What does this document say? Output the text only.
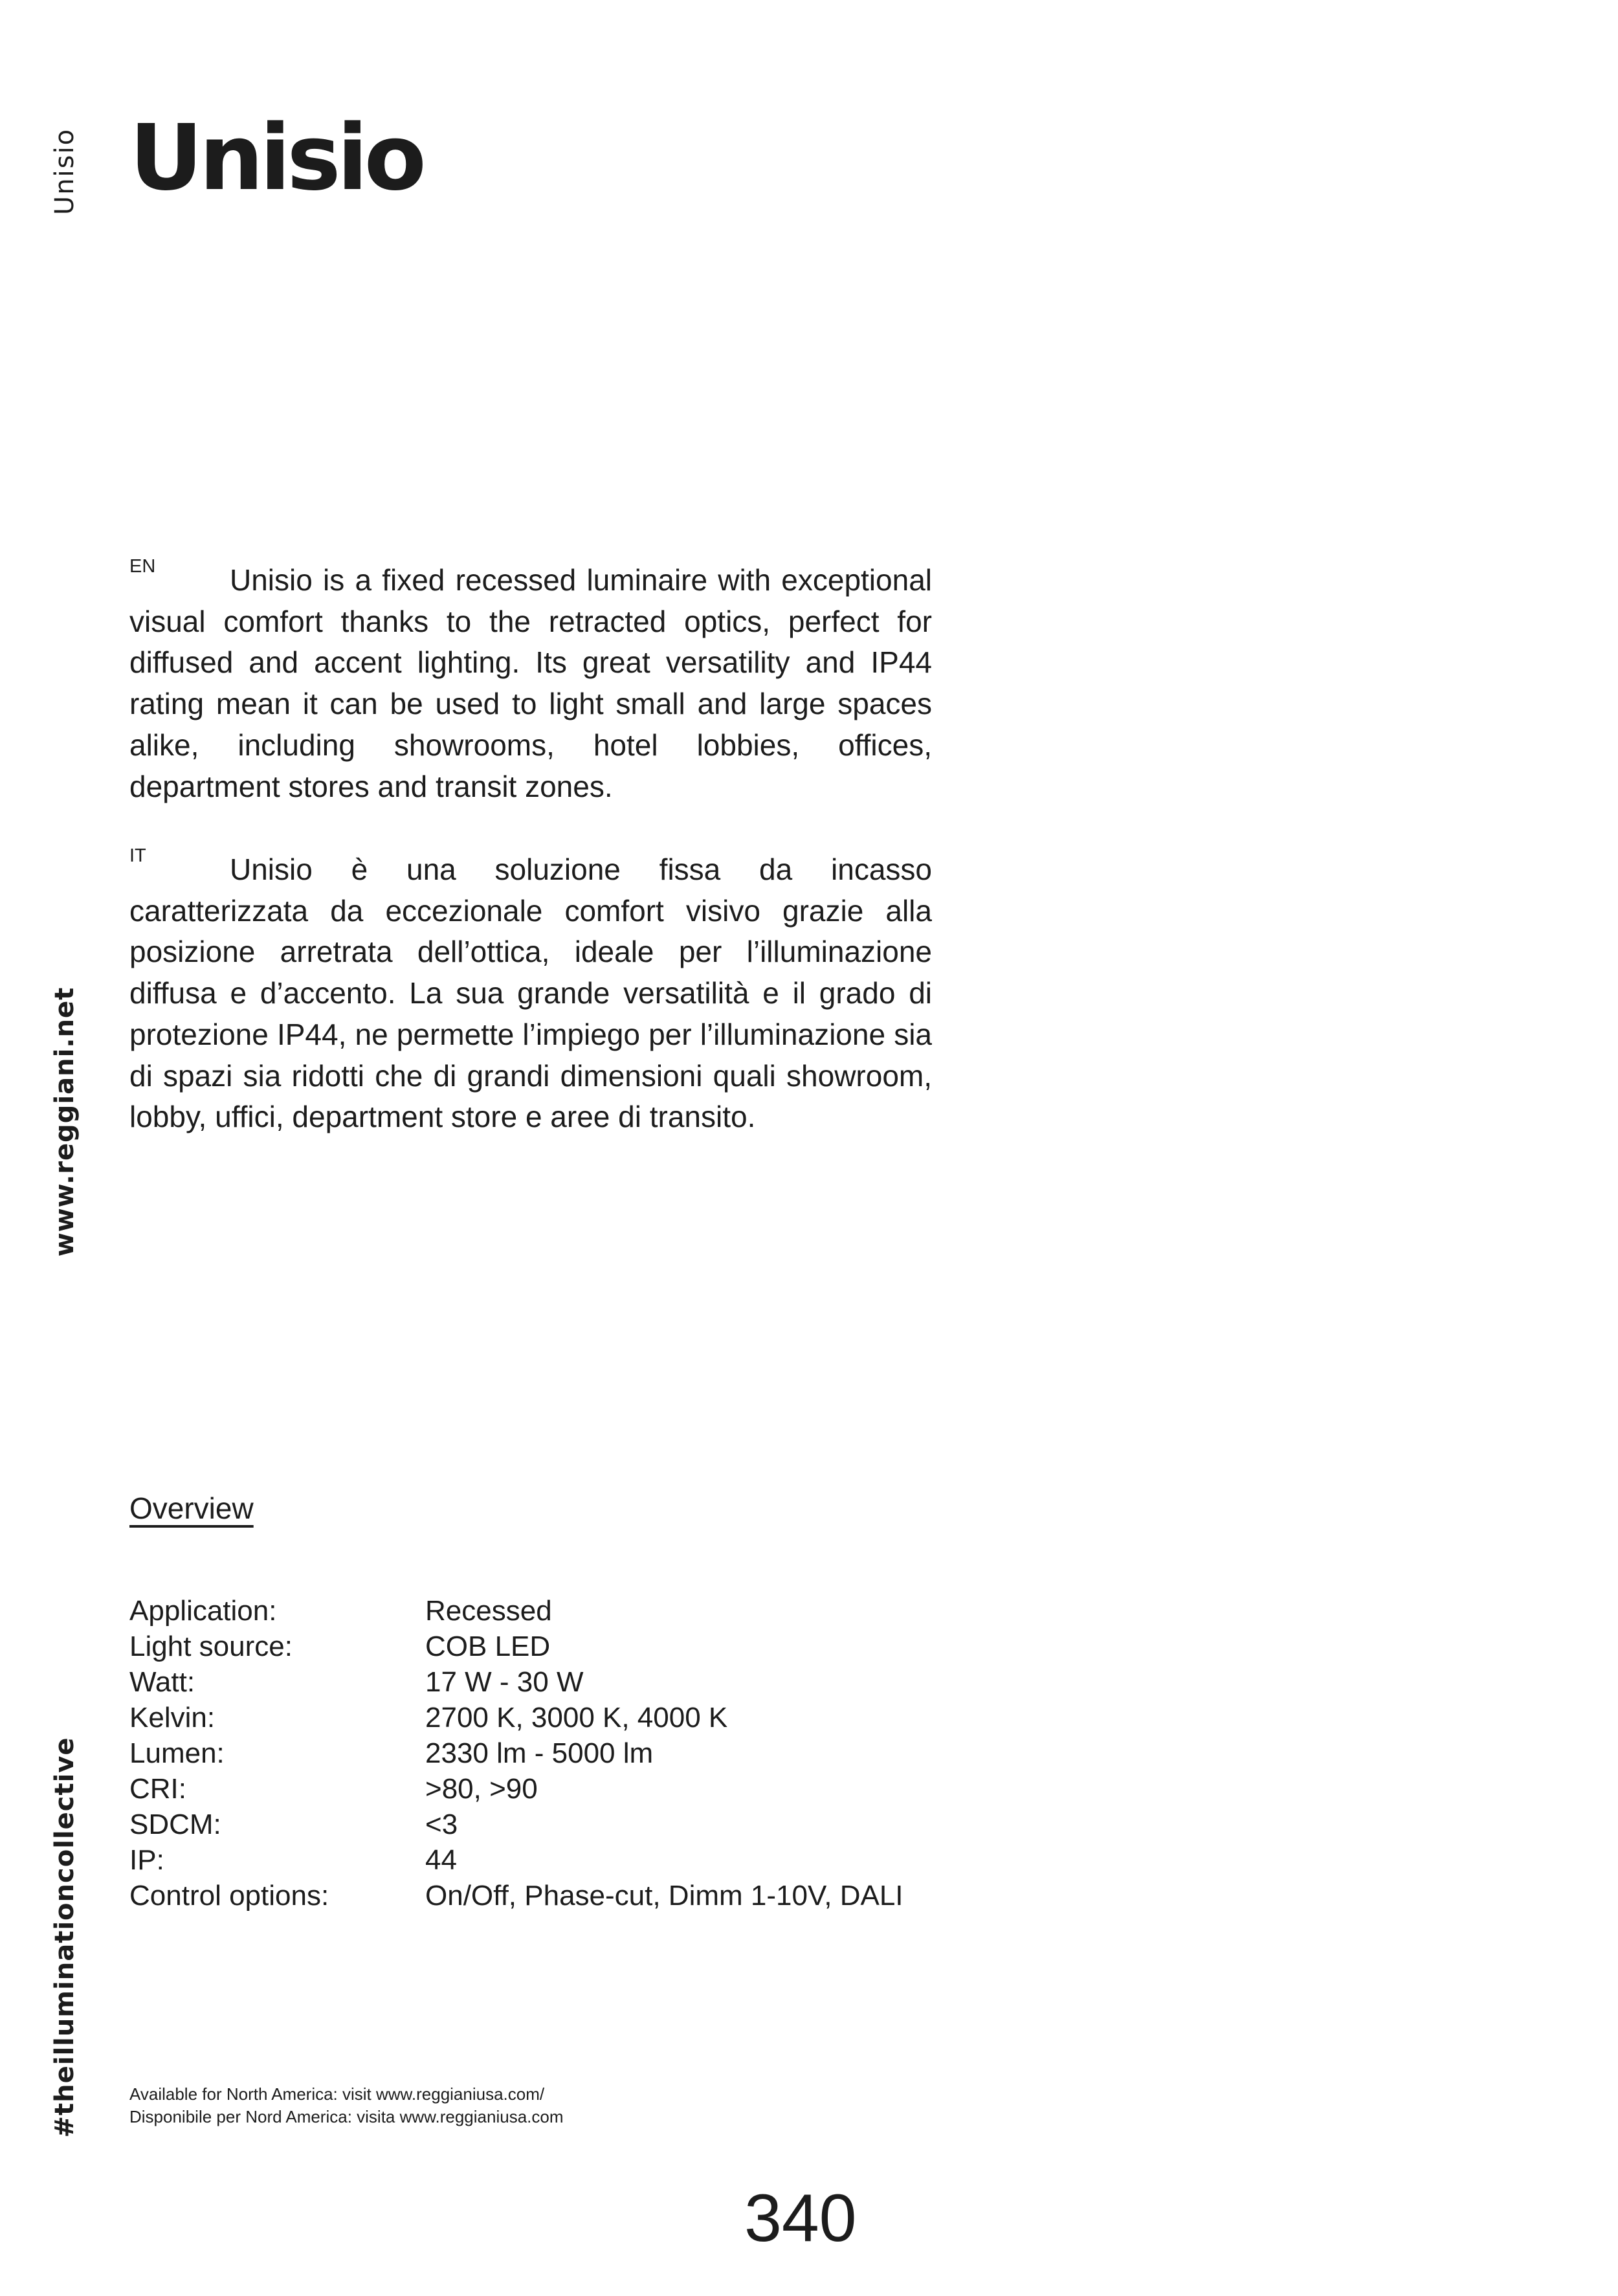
Unisio
www.reggiani.net
#theilluminationcollective
Unisio

EN Unisio is a fixed recessed luminaire with exceptional visual comfort thanks to the retracted optics, perfect for diffused and accent lighting. Its great versatility and IP44 rating mean it can be used to light small and large spaces alike, including showrooms, hotel lobbies, offices, department stores and transit zones.

IT	Unisio è una soluzione fissa da incasso caratterizzata da eccezionale comfort visivo grazie alla posizione arretrata dell’ottica, ideale per l’illuminazione diffusa e d’accento. La sua grande versatilità e il grado di protezione IP44, ne permette l’impiego per l’illuminazione sia di spazi sia ridotti che di grandi dimensioni quali showroom, lobby, uffici, department store e aree di transito.

Overview
Application:	Recessed
Light source:	COB LED
Watt:	17 W - 30 W
Kelvin:	2700 K, 3000 K, 4000 K
Lumen:	2330 lm - 5000 lm
CRI:	>80, >90
SDCM:	<3
IP:	44
Control options:	On/Off, Phase-cut, Dimm 1-10V, DALI
Available for North America: visit www.reggianiusa.com/
Disponibile per Nord America: visita www.reggianiusa.com
340
